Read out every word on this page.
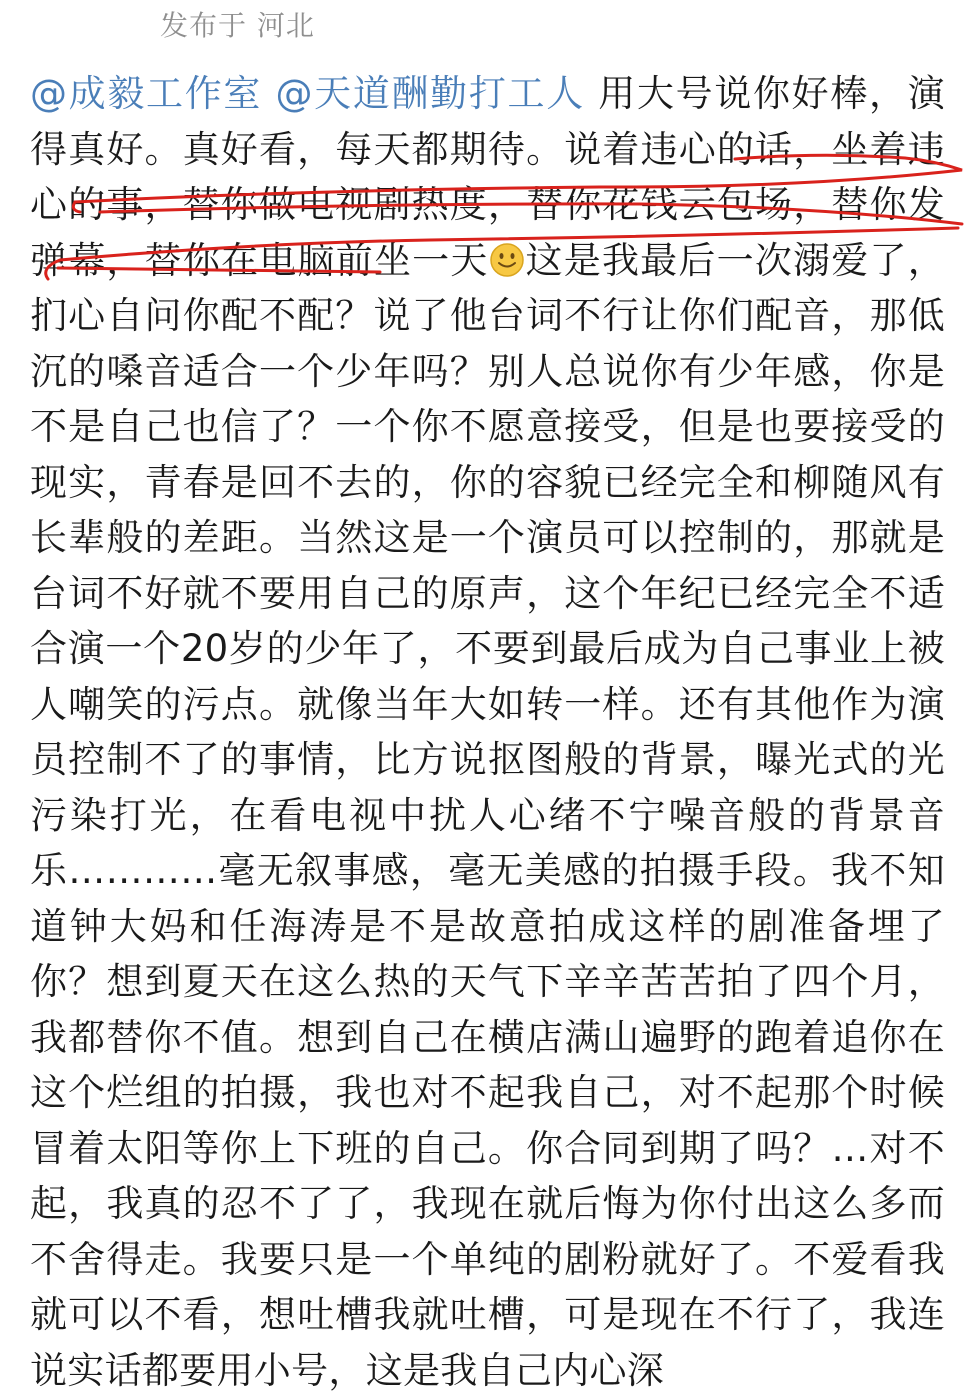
发布于 河北
@成毅工作室 @天道酬勤打工人 用大号说你好棒，演得真好。真好看，每天都期待。说着违心的话，坐着违心的事，替你做电视剧热度，替你花钱云包场，替你发弹幕，替你在电脑前坐一天 这是我最后一次溺爱了，扪心自问你配不配？说了他台词不行让你们配音，那低沉的嗓音适合一个少年吗？别人总说你有少年感，你是不是自己也信了？一个你不愿意接受，但是也要接受的现实，青春是回不去的，你的容貌已经完全和柳随风有长辈般的差距。当然这是一个演员可以控制的，那就是台词不好就不要用自己的原声，这个年纪已经完全不适合演一个20岁的少年了，不要到最后成为自己事业上被人嘲笑的污点。就像当年大如转一样。还有其他作为演员控制不了的事情，比方说抠图般的背景，曝光式的光污染打光，在看电视中扰人心绪不宁噪音般的背景音乐…………毫无叙事感，毫无美感的拍摄手段。我不知道钟大妈和任海涛是不是故意拍成这样的剧准备埋了你？想到夏天在这么热的天气下辛辛苦苦拍了四个月，我都替你不值。想到自己在横店满山遍野的跑着追你在这个烂组的拍摄，我也对不起我自己，对不起那个时候冒着太阳等你上下班的自己。你合同到期了吗？…对不起，我真的忍不了了，我现在就后悔为你付出这么多而不舍得走。我要只是一个单纯的剧粉就好了。不爱看我就可以不看，想吐槽我就吐槽，可是现在不行了，我连说实话都要用小号，这是我自己内心深
